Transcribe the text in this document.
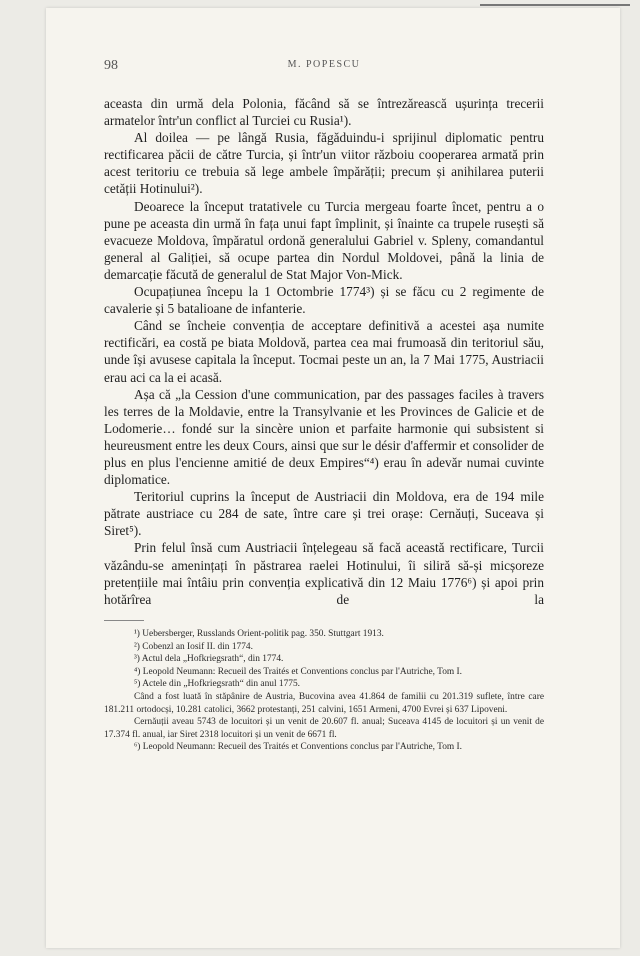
98	M. POPESCU

aceasta din urmă dela Polonia, făcând să se întrezărească ușurința trecerii armatelor într'un conflict al Turciei cu Rusia¹).

Al doilea — pe lângă Rusia, făgăduindu-i sprijinul diplomatic pentru rectificarea păcii de către Turcia, și într'un viitor războiu cooperarea armată prin acest teritoriu ce trebuia să lege ambele împărății; precum și anihilarea puterii cetății Hotinului²).

Deoarece la început tratativele cu Turcia mergeau foarte încet, pentru a o pune pe aceasta din urmă în fața unui fapt împlinit, și înainte ca trupele rusești să evacueze Moldova, împăratul ordonă generalului Gabriel v. Spleny, comandantul general al Galiției, să ocupe partea din Nordul Moldovei, până la linia de demarcație făcută de generalul de Stat Major Von-Mick.

Ocupațiunea începu la 1 Octombrie 1774³) și se făcu cu 2 regimente de cavalerie și 5 batalioane de infanterie.

Când se încheie convenția de acceptare definitivă a acestei așa numite rectificări, ea costă pe biata Moldovă, partea cea mai frumoasă din teritoriul său, unde își avusese capitala la început. Tocmai peste un an, la 7 Mai 1775, Austriacii erau aci ca la ei acasă.

Așa că „la Cession d'une communication, par des passages faciles à travers les terres de la Moldavie, entre la Transylvanie et les Provinces de Galicie et de Lodomerie… fondé sur la sincère union et parfaite harmonie qui subsistent si heureusment entre les deux Cours, ainsi que sur le désir d'affermir et consolider de plus en plus l'encienne amitié de deux Empires“⁴) erau în adevăr numai cuvinte diplomatice.

Teritoriul cuprins la început de Austriacii din Moldova, era de 194 mile pătrate austriace cu 284 de sate, între care și trei orașe: Cernăuți, Suceava și Siret⁵).

Prin felul însă cum Austriacii înțelegeau să facă această rectificare, Turcii văzându-se amenințați în păstrarea raelei Hotinului, îi siliră să-și micșoreze pretențiile mai întâiu prin convenția explicativă din 12 Maiu 1776⁶) și apoi prin hotărîrea de la

¹) Uebersberger, Russlands Orient-politik pag. 350. Stuttgart 1913.

²) Cobenzl an Iosif II. din 1774.

³) Actul dela „Hofkriegsrath“, din 1774.

⁴) Leopold Neumann: Recueil des Traités et Conventions conclus par l'Autriche, Tom I.

⁵) Actele din „Hofkriegsrath“ din anul 1775.

Când a fost luată în stăpânire de Austria, Bucovina avea 41.864 de familii cu 201.319 suflete, între care 181.211 ortodocși, 10.281 catolici, 3662 protestanți, 251 calvini, 1651 Armeni, 4700 Evrei și 637 Lipoveni.

Cernăuții aveau 5743 de locuitori și un venit de 20.607 fl. anual; Suceava 4145 de locuitori și un venit de 17.374 fl. anual, iar Siret 2318 locuitori și un venit de 6671 fl.

⁶) Leopold Neumann: Recueil des Traités et Conventions conclus par l'Autriche, Tom I.
